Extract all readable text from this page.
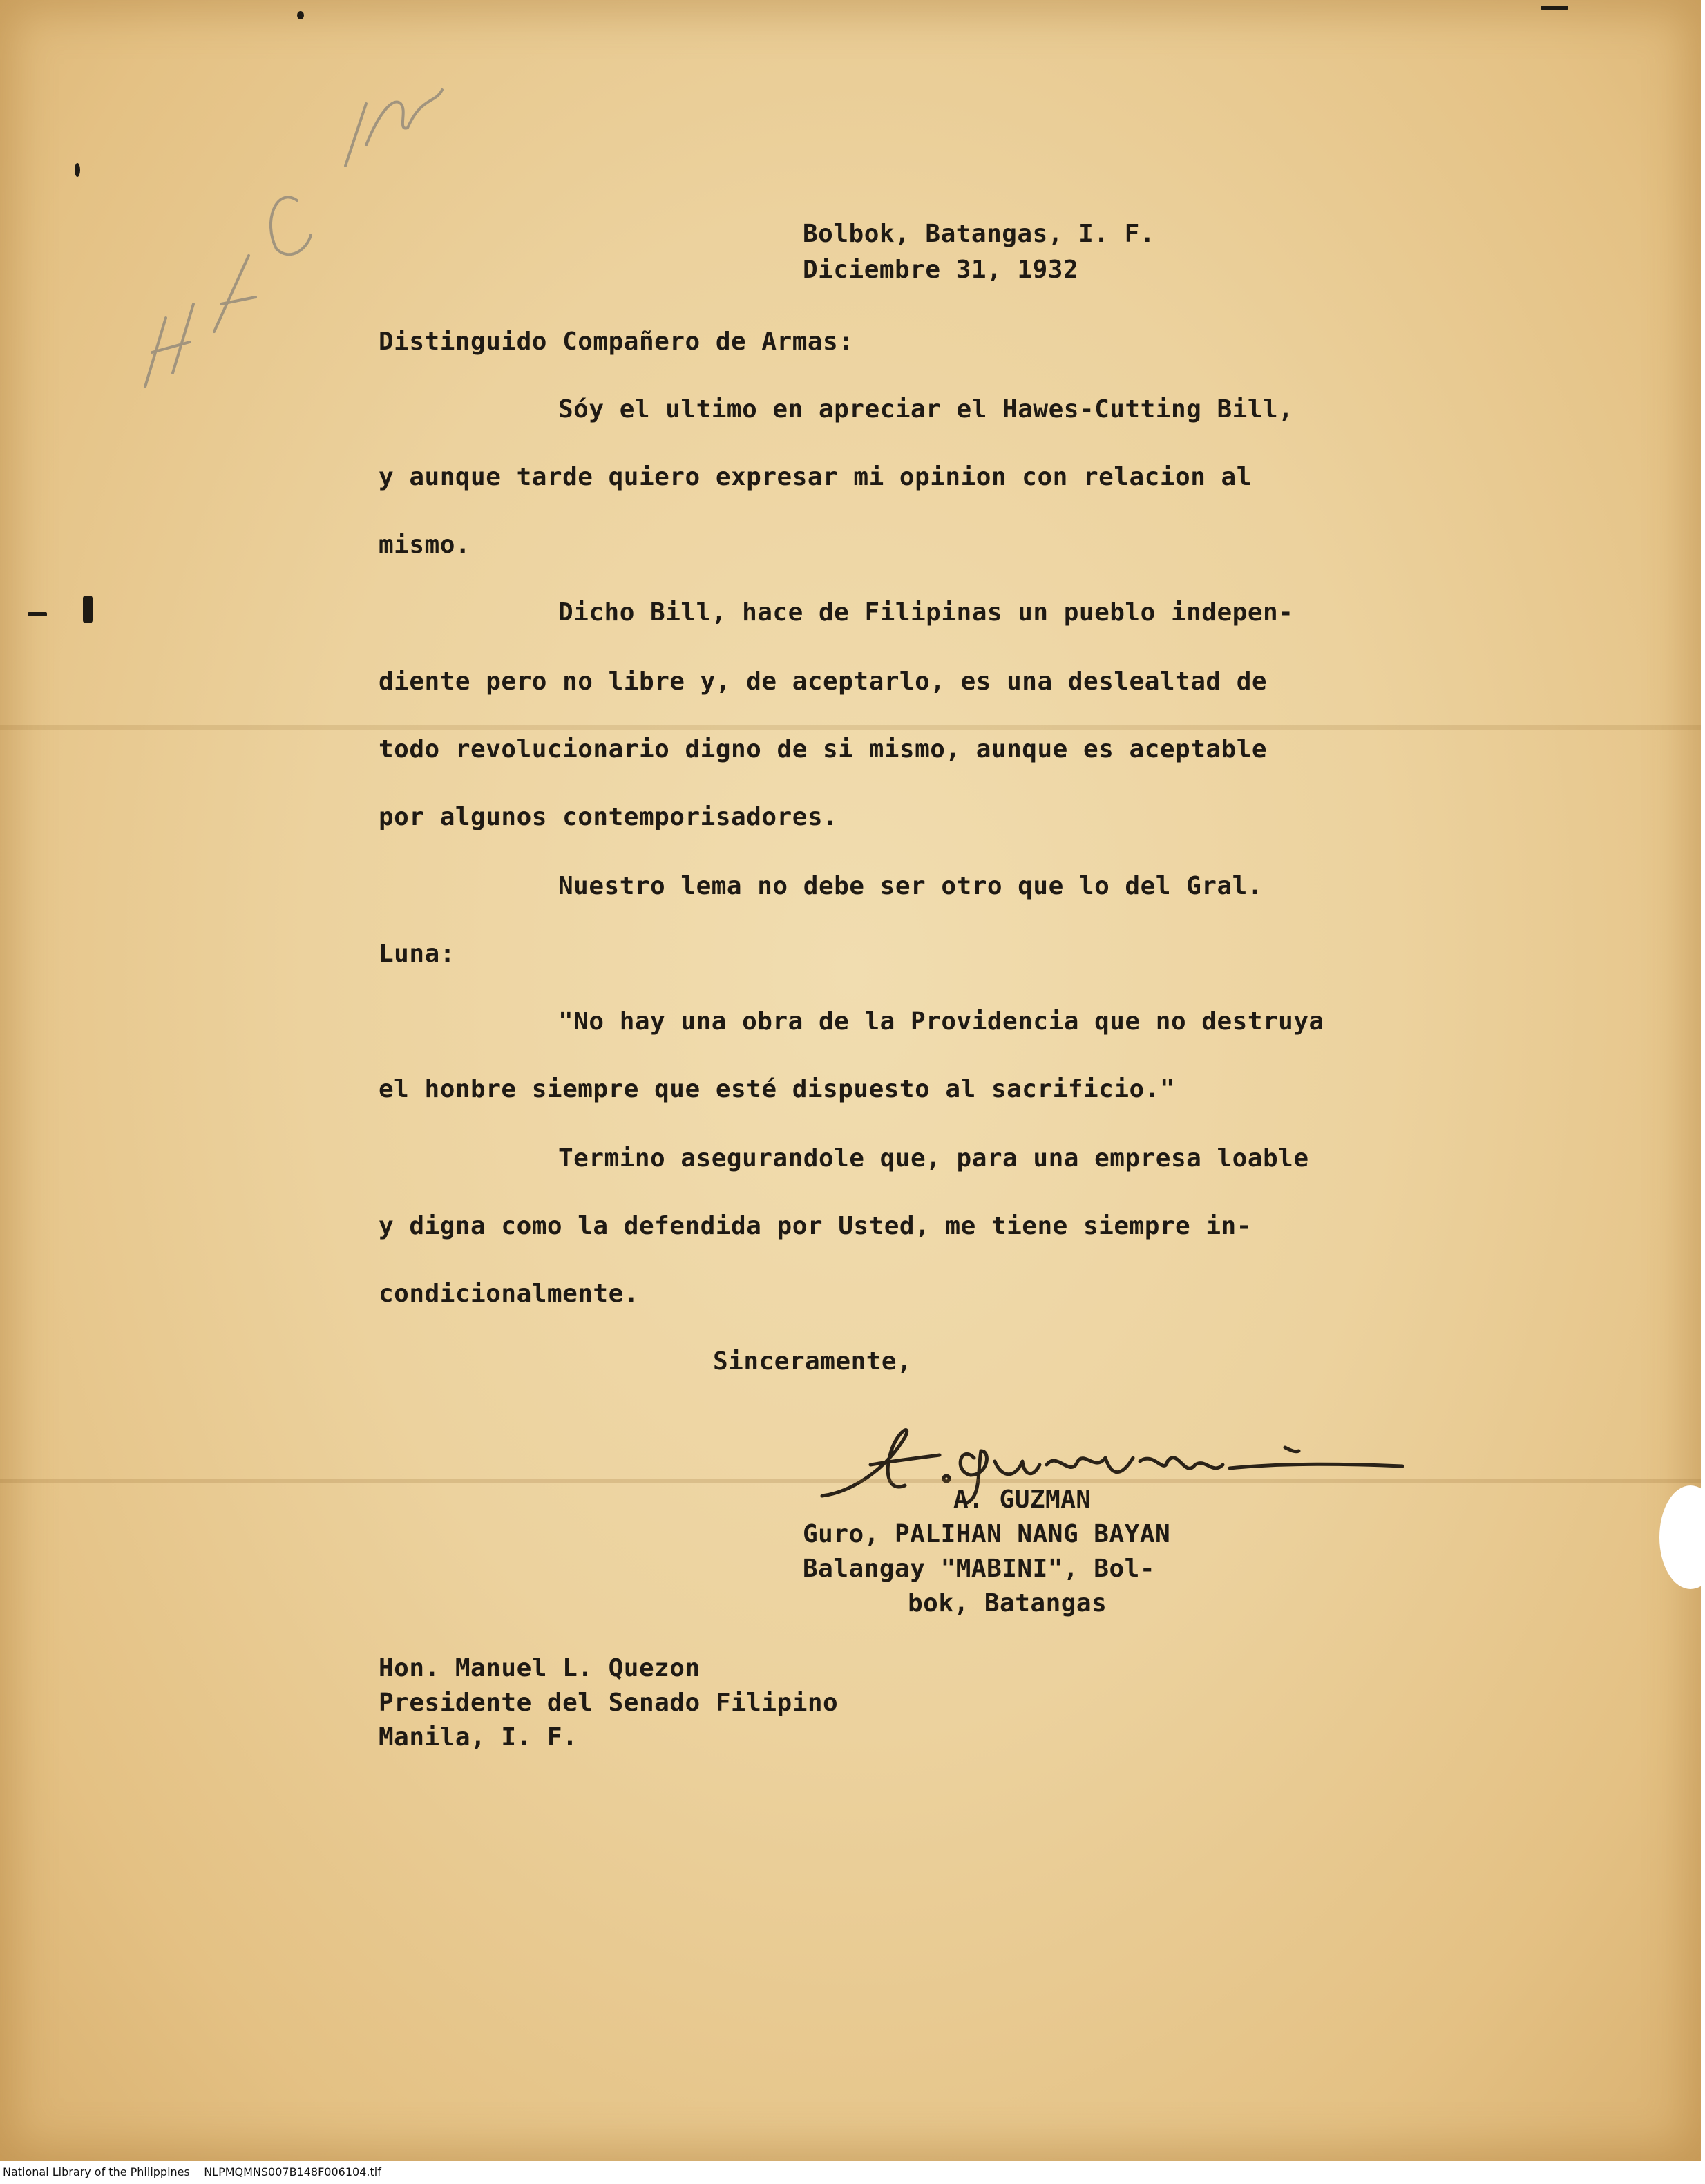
Bolbok, Batangas, I. F.

Diciembre 31, 1932

Distinguido Compañero de Armas:

Sóy el ultimo en apreciar el Hawes-Cutting Bill,

y aunque tarde quiero expresar mi opinion con relacion al

mismo.

Dicho Bill, hace de Filipinas un pueblo indepen-

diente pero no libre y, de aceptarlo, es una deslealtad de

todo revolucionario digno de si mismo, aunque es aceptable

por algunos contemporisadores.

Nuestro lema no debe ser otro que lo del Gral.

Luna:

"No hay una obra de la Providencia que no destruya

el honbre siempre que esté dispuesto al sacrificio."

Termino asegurandole que, para una empresa loable

y digna como la defendida por Usted, me tiene siempre in-

condicionalmente.

Sinceramente,

A. GUZMAN

Guro, PALIHAN NANG BAYAN

Balangay "MABINI", Bol-

bok, Batangas

Hon. Manuel L. Quezon

Presidente del Senado Filipino

Manila, I. F.

National Library of the Philippines    NLPMQMNS007B148F006104.tif
